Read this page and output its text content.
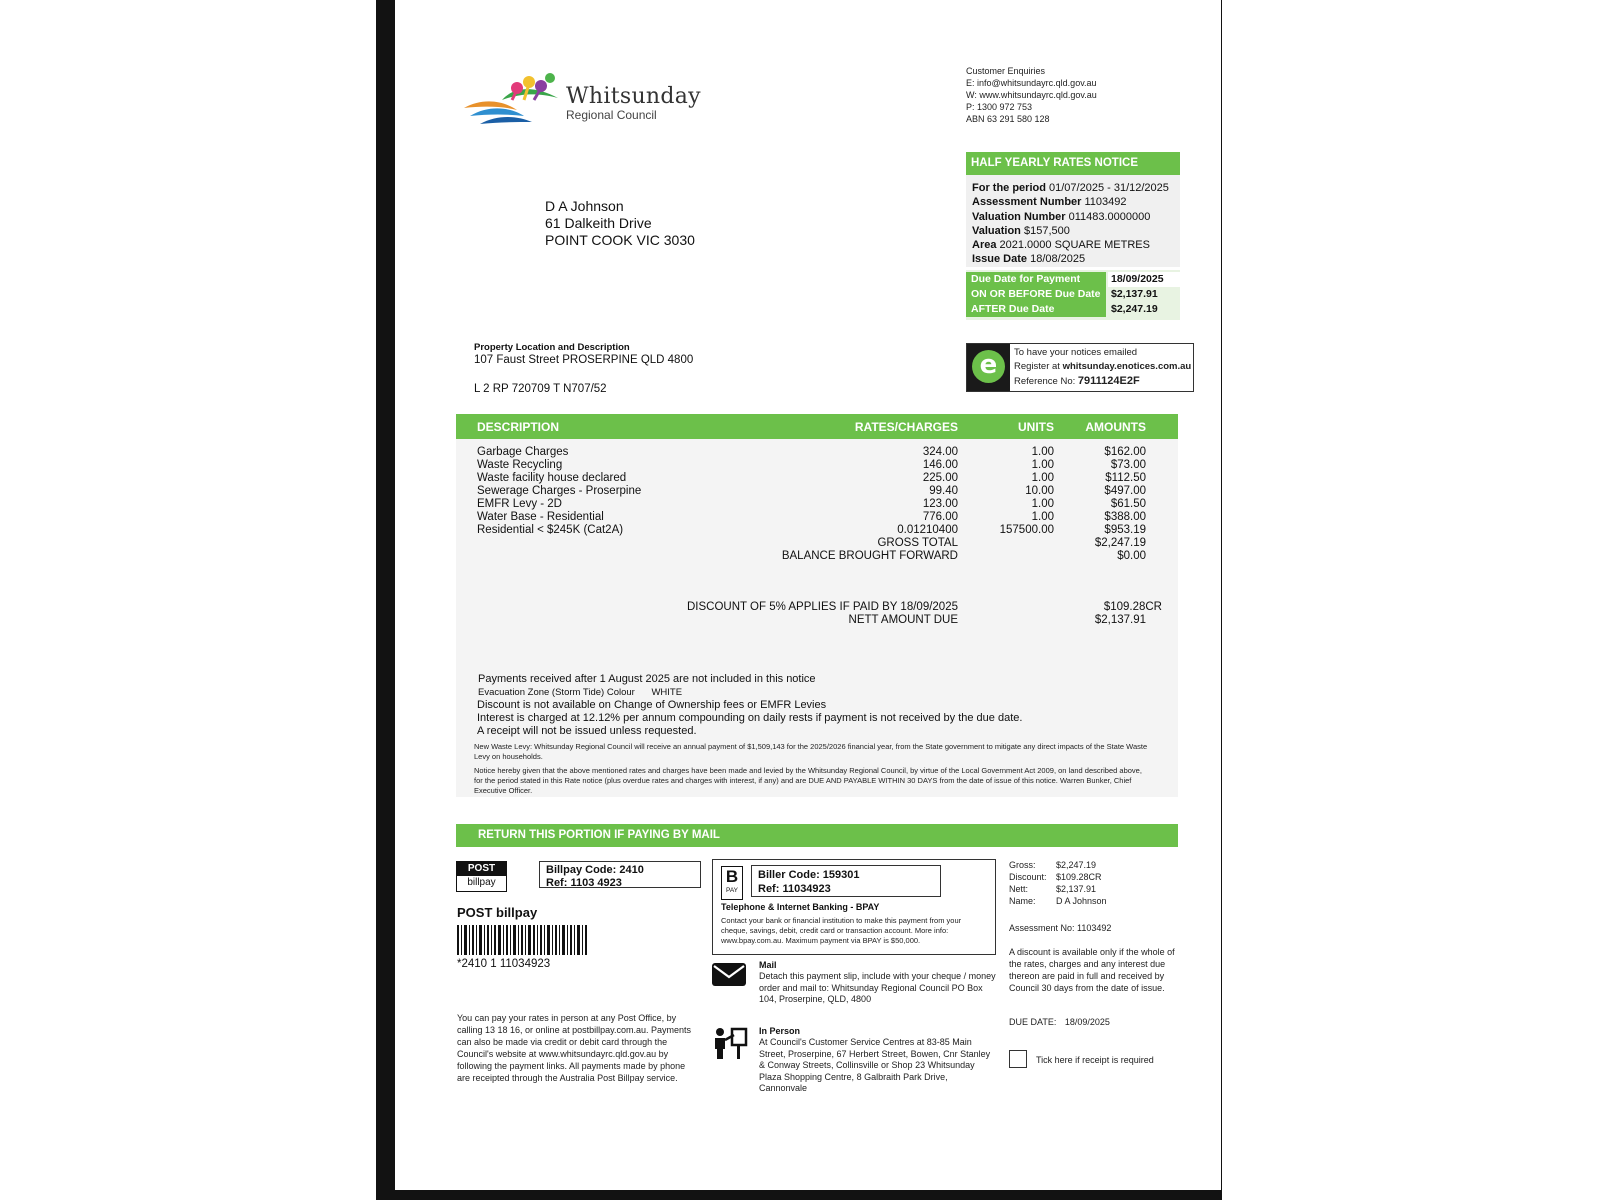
Whitsunday
Regional Council
Customer Enquiries
E: info@whitsundayrc.qld.gov.au
W: www.whitsundayrc.qld.gov.au
P: 1300 972 753
ABN 63 291 580 128
HALF YEARLY RATES NOTICE
For the period 01/07/2025 - 31/12/2025
Assessment Number 1103492
Valuation Number 011483.0000000
Valuation $157,500
Area 2021.0000 SQUARE METRES
Issue Date 18/08/2025
Due Date for Payment	18/09/2025
ON OR BEFORE Due Date $2,137.91
AFTER Due Date	$2,247.19
D A Johnson
61 Dalkeith Drive
POINT COOK VIC 3030
Property Location and Description
107 Faust Street PROSERPINE QLD 4800
L 2 RP 720709 T N707/52
e	To have your notices emailed
Register at whitsunday.enotices.com.au
Reference No: 7911124E2F
DESCRIPTION	RATES/CHARGES	UNITS	AMOUNTS
Garbage Charges	324.00	1.00	$162.00
Waste Recycling	146.00	1.00	$73.00
Waste facility house declared	225.00	1.00	$112.50
Sewerage Charges - Proserpine	99.40	10.00	$497.00
EMFR Levy - 2D	123.00	1.00	$61.50
Water Base - Residential	776.00	1.00	$388.00
Residential < $245K (Cat2A)	0.01210400	157500.00	$953.19
GROSS TOTAL	$2,247.19
BALANCE BROUGHT FORWARD	$0.00
DISCOUNT OF 5% APPLIES IF PAID BY 18/09/2025	$109.28CR
NETT AMOUNT DUE	$2,137.91
Payments received after 1 August 2025 are not included in this notice
Evacuation Zone (Storm Tide) Colour WHITE
Discount is not available on Change of Ownership fees or EMFR Levies
Interest is charged at 12.12% per annum compounding on daily rests if payment is not received by the due date.
A receipt will not be issued unless requested.
New Waste Levy: Whitsunday Regional Council will receive an annual payment of $1,509,143 for the 2025/2026 financial year, from the State government to mitigate any direct impacts of the State Waste Levy on households.
Notice hereby given that the above mentioned rates and charges have been made and levied by the Whitsunday Regional Council, by virtue of the Local Government Act 2009, on land described above, for the period stated in this Rate notice (plus overdue rates and charges with interest, if any) and are DUE AND PAYABLE WITHIN 30 DAYS from the date of issue of this notice. Warren Bunker, Chief Executive Officer.
RETURN THIS PORTION IF PAYING BY MAIL
POST
billpay
Billpay Code: 2410
Ref: 1103 4923
POST billpay
*2410 1 11034923
You can pay your rates in person at any Post Office, by calling 13 18 16, or online at postbillpay.com.au. Payments can also be made via credit or debit card through the Council's website at www.whitsundayrc.qld.gov.au by following the payment links. All payments made by phone are receipted through the Australia Post Billpay service.
B
PAY
Biller Code: 159301
Ref: 11034923
Telephone & Internet Banking - BPAY
Contact your bank or financial institution to make this payment from your cheque, savings, debit, credit card or transaction account. More info: www.bpay.com.au. Maximum payment via BPAY is $50,000.
Mail
Detach this payment slip, include with your cheque / money order and mail to: Whitsunday Regional Council PO Box 104, Proserpine, QLD, 4800
In Person
At Council's Customer Service Centres at 83-85 Main Street, Proserpine, 67 Herbert Street, Bowen, Cnr Stanley & Conway Streets, Collinsville or Shop 23 Whitsunday Plaza Shopping Centre, 8 Galbraith Park Drive, Cannonvale
Gross: $2,247.19
Discount: $109.28CR
Nett:	$2,137.91
Name: D A Johnson
Assessment No: 1103492
A discount is available only if the whole of the rates, charges and any interest due thereon are paid in full and received by Council 30 days from the date of issue.
DUE DATE: 18/09/2025
Tick here if receipt is required
